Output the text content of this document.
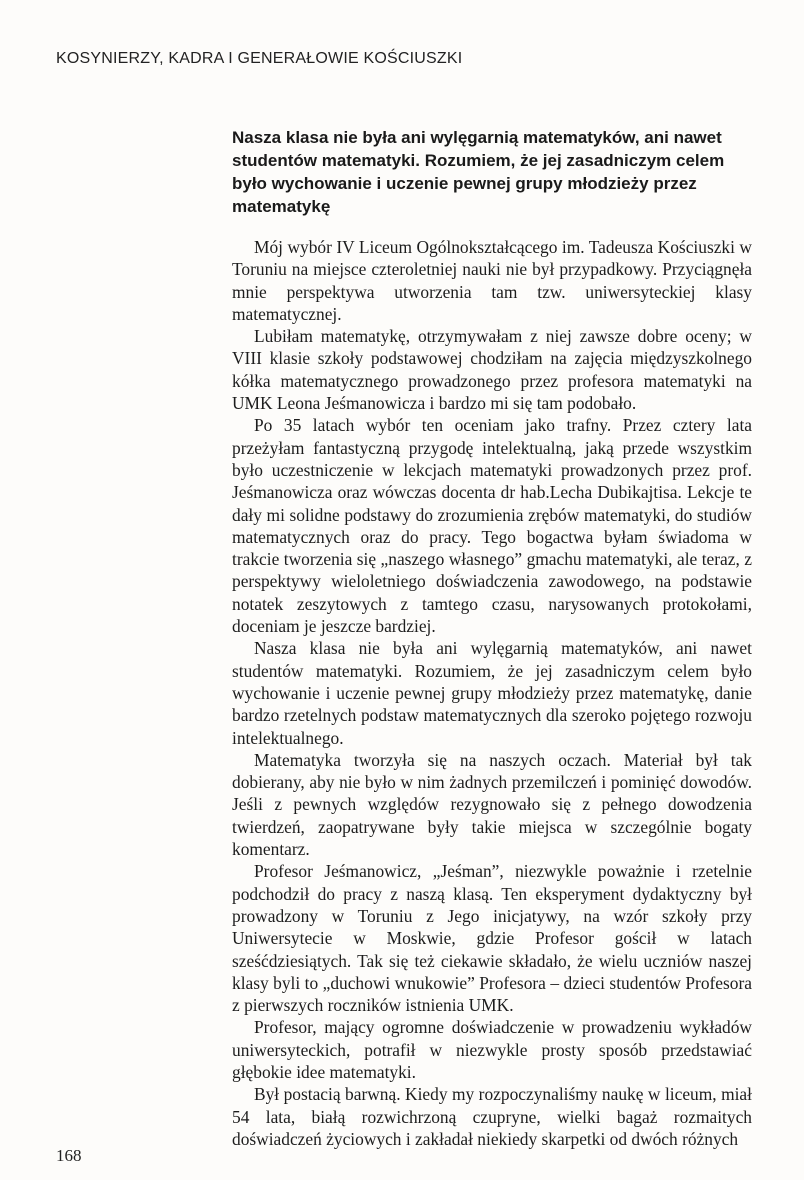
KOSYNIERZY, KADRA I GENERAŁOWIE KOŚCIUSZKI
Nasza klasa nie była ani wylęgarnią matematyków, ani nawet studentów matematyki. Rozumiem, że jej zasadniczym celem było wychowanie i uczenie pewnej grupy młodzieży przez matematykę

Mój wybór IV Liceum Ogólnokształcącego im. Tadeusza Kościuszki w Toruniu na miejsce czteroletniej nauki nie był przypadkowy. Przyciągnęła mnie perspektywa utworzenia tam tzw. uniwersyteckiej klasy matematycznej.

Lubiłam matematykę, otrzymywałam z niej zawsze dobre oceny; w VIII klasie szkoły podstawowej chodziłam na zajęcia międzyszkolnego kółka matematycznego prowadzonego przez profesora matematyki na UMK Leona Jeśmanowicza i bardzo mi się tam podobało.

Po 35 latach wybór ten oceniam jako trafny. Przez cztery lata przeżyłam fantastyczną przygodę intelektualną, jaką przede wszystkim było uczestniczenie w lekcjach matematyki prowadzonych przez prof. Jeśmanowicza oraz wówczas docenta dr hab.Lecha Dubikajtisa. Lekcje te dały mi solidne podstawy do zrozumienia zrębów matematyki, do studiów matematycznych oraz do pracy. Tego bogactwa byłam świadoma w trakcie tworzenia się „naszego własnego” gmachu matematyki, ale teraz, z perspektywy wieloletniego doświadczenia zawodowego, na podstawie notatek zeszytowych z tamtego czasu, narysowanych protokołami, doceniam je jeszcze bardziej.

Nasza klasa nie była ani wylęgarnią matematyków, ani nawet studentów matematyki. Rozumiem, że jej zasadniczym celem było wychowanie i uczenie pewnej grupy młodzieży przez matematykę, danie bardzo rzetelnych podstaw matematycznych dla szeroko pojętego rozwoju intelektualnego.

Matematyka tworzyła się na naszych oczach. Materiał był tak dobierany, aby nie było w nim żadnych przemilczeń i pominięć dowodów. Jeśli z pewnych względów rezygnowało się z pełnego dowodzenia twierdzeń, zaopatrywane były takie miejsca w szczególnie bogaty komentarz.

Profesor Jeśmanowicz, „Jeśman”, niezwykle poważnie i rzetelnie podchodził do pracy z naszą klasą. Ten eksperyment dydaktyczny był prowadzony w Toruniu z Jego inicjatywy, na wzór szkoły przy Uniwersytecie w Moskwie, gdzie Profesor gościł w latach sześćdziesiątych. Tak się też ciekawie składało, że wielu uczniów naszej klasy byli to „duchowi wnukowie” Profesora – dzieci studentów Profesora z pierwszych roczników istnienia UMK.

Profesor, mający ogromne doświadczenie w prowadzeniu wykładów uniwersyteckich, potrafił w niezwykle prosty sposób przedstawiać głębokie idee matematyki.

Był postacią barwną. Kiedy my rozpoczynaliśmy naukę w liceum, miał 54 lata, białą rozwichrzoną czupryne, wielki bagaż rozmaitych doświadczeń życiowych i zakładał niekiedy skarpetki od dwóch różnych

168
